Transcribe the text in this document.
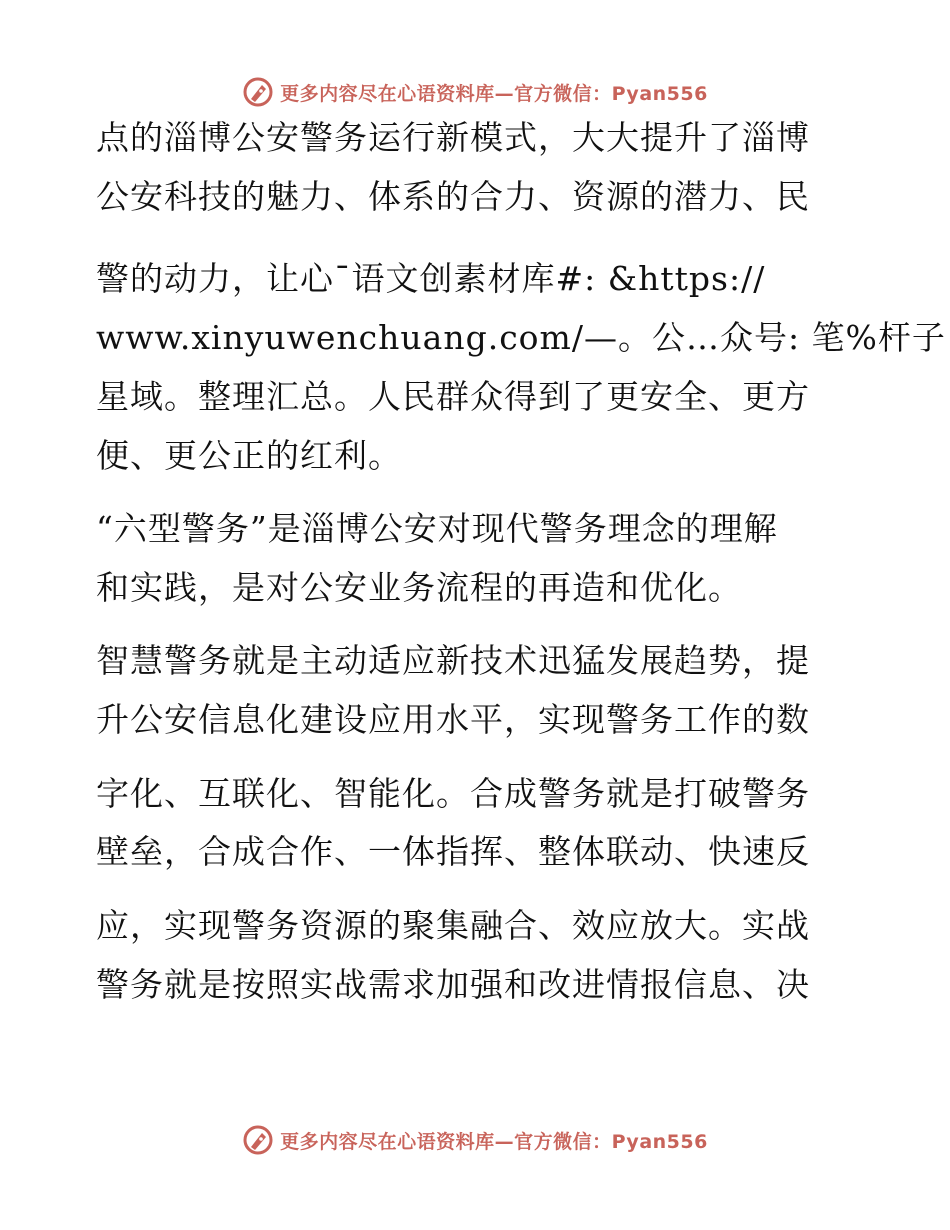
更多内容尽在心语资料库—官方微信：Pyan556
点的淄博公安警务运行新模式，大大提升了淄博
公安科技的魅力、体系的合力、资源的潜力、民
警的动力，让心¯语文创素材库#: &https://
www.xinyuwenchuang.com/—。公…众号: 笔%杆子
星域。整理汇总。人民群众得到了更安全、更方
便、更公正的红利。
“六型警务”是淄博公安对现代警务理念的理解
和实践，是对公安业务流程的再造和优化。
智慧警务就是主动适应新技术迅猛发展趋势，提
升公安信息化建设应用水平，实现警务工作的数
字化、互联化、智能化。合成警务就是打破警务
壁垒，合成合作、一体指挥、整体联动、快速反
应，实现警务资源的聚集融合、效应放大。实战
警务就是按照实战需求加强和改进情报信息、决
更多内容尽在心语资料库—官方微信：Pyan556
